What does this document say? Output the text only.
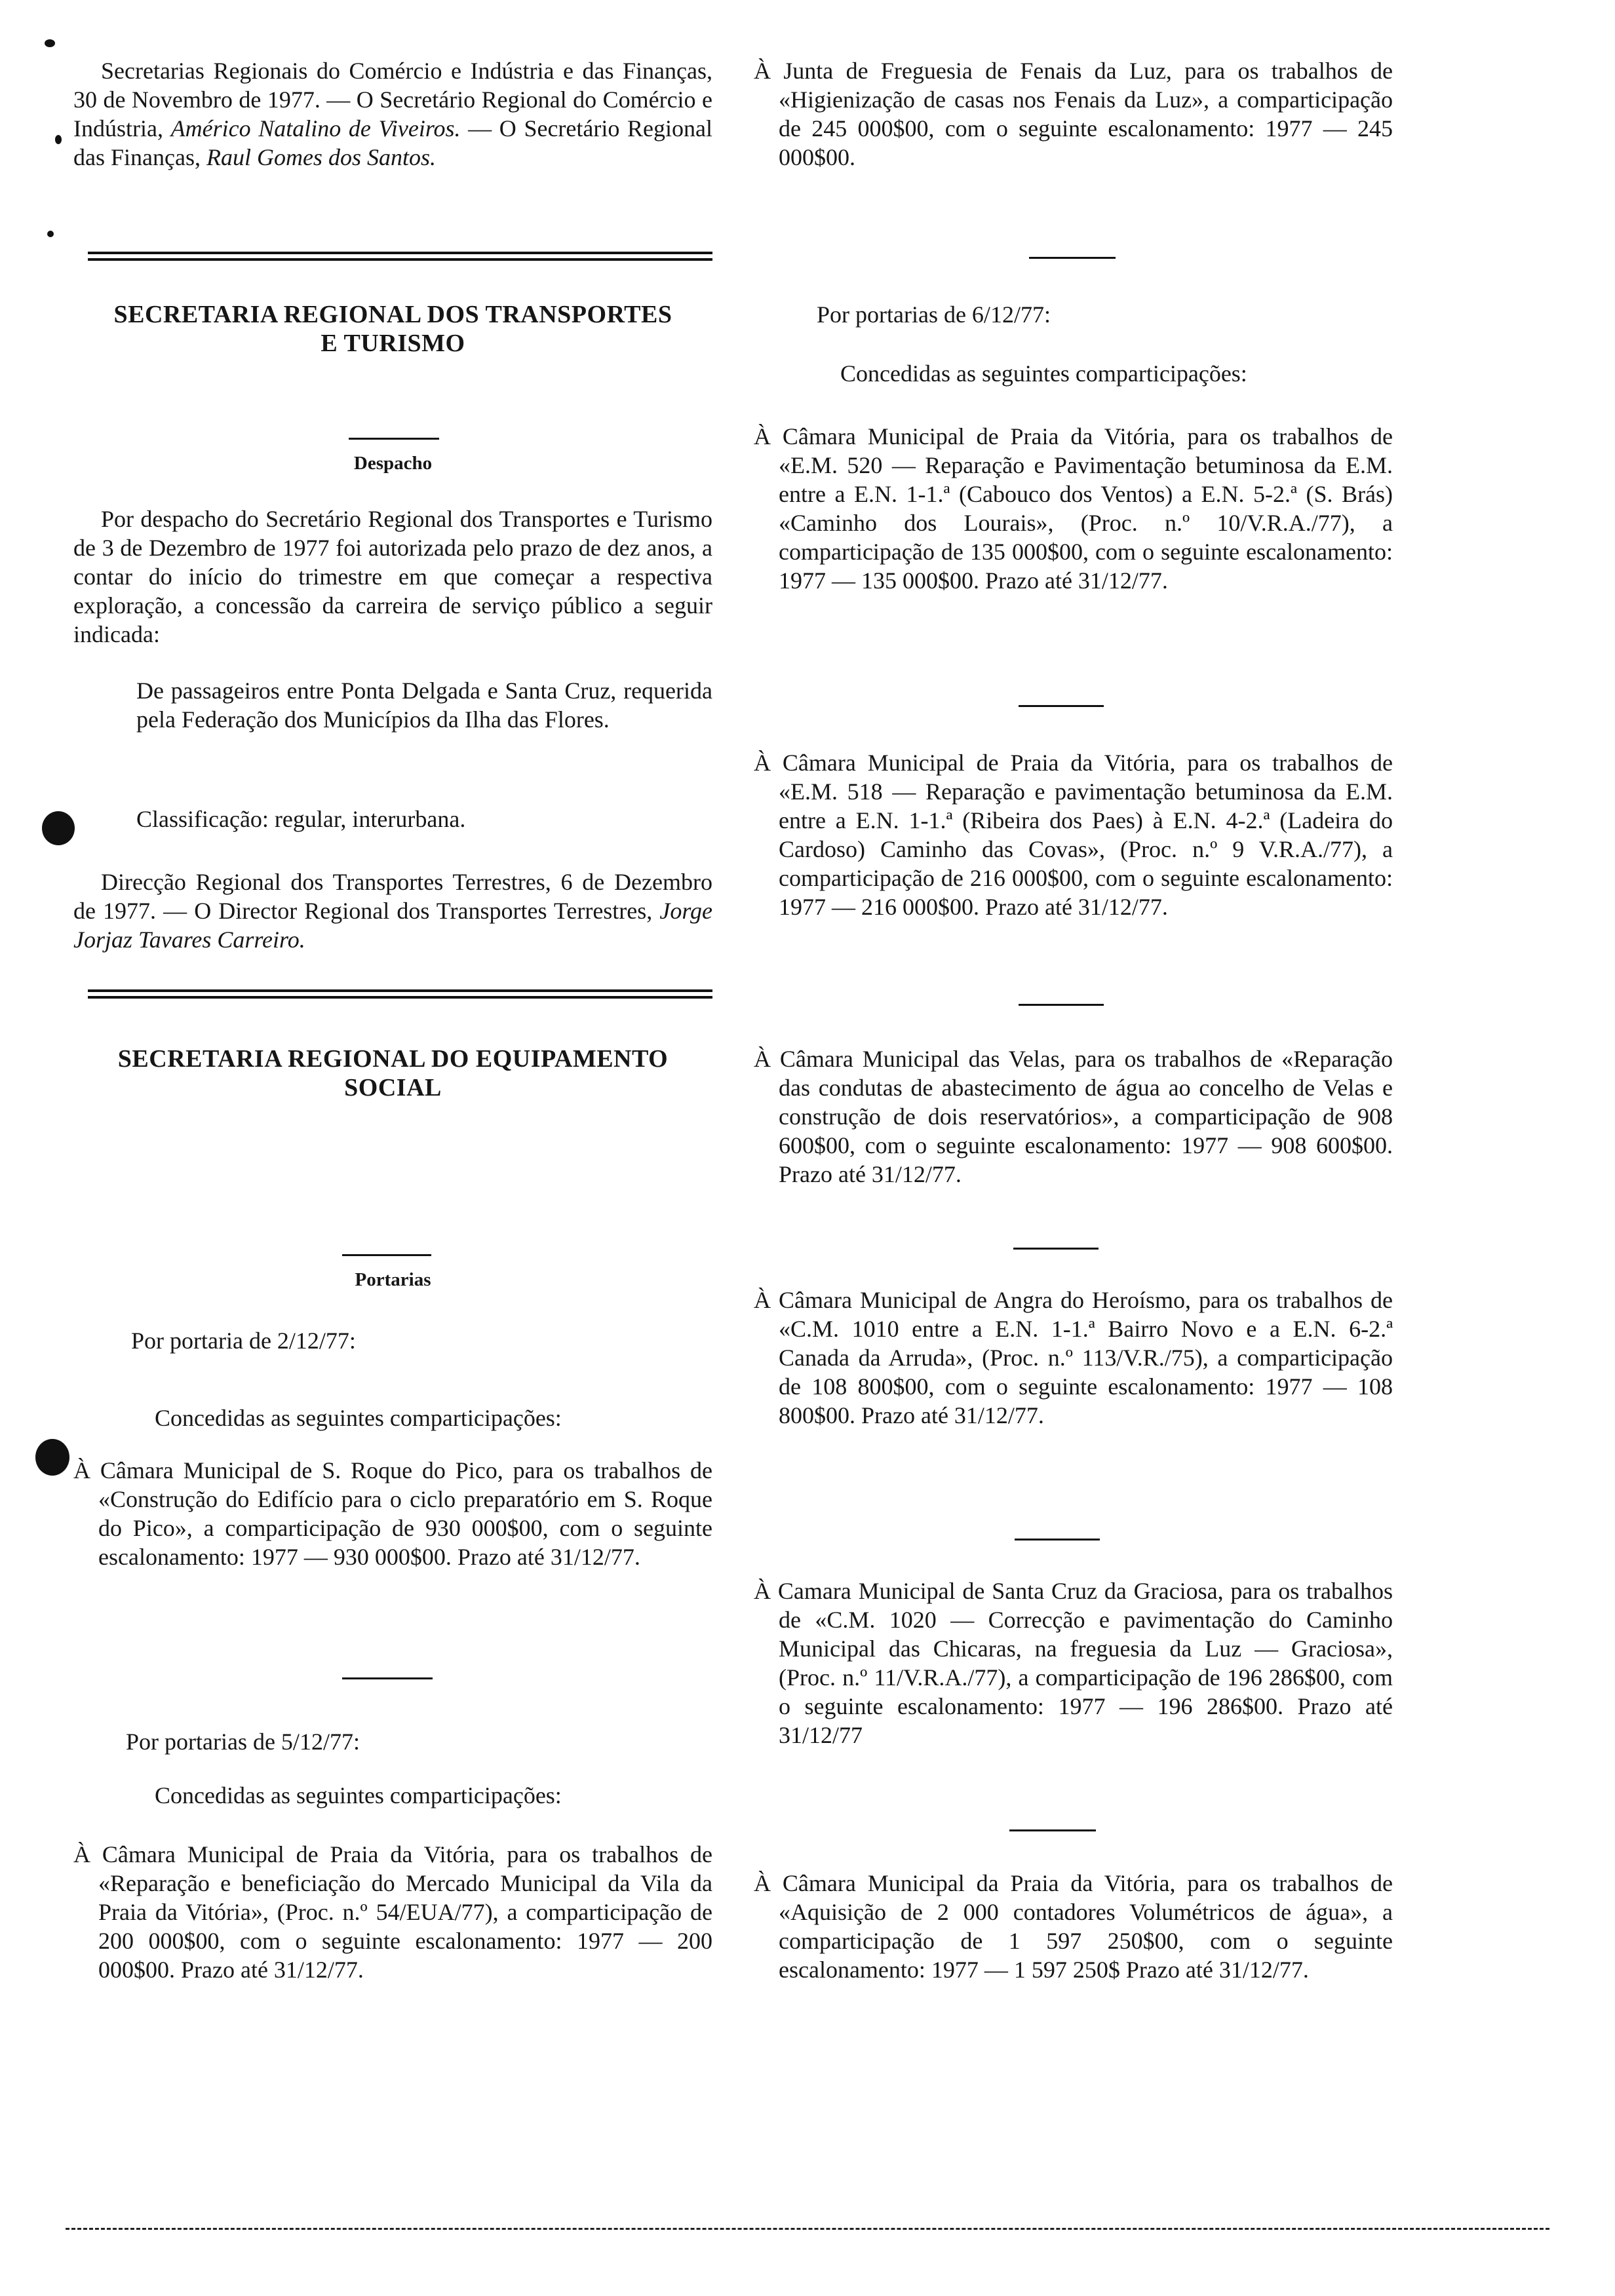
Secretarias Regionais do Comércio e Indústria e das Finanças, 30 de Novembro de 1977. — O Secretário Regional do Comércio e Indústria, Américo Natalino de Viveiros. — O Secretário Regional das Finanças, Raul Gomes dos Santos.

SECRETARIA REGIONAL DOS TRANSPORTES

E TURISMO

Despacho

Por despacho do Secretário Regional dos Transportes e Turismo de 3 de Dezembro de 1977 foi autorizada pelo prazo de dez anos, a contar do início do trimestre em que começar a respectiva exploração, a concessão da carreira de serviço público a seguir indicada:

De passageiros entre Ponta Delgada e Santa Cruz, requerida pela Federação dos Municípios da Ilha das Flores.

Classificação: regular, interurbana.

Direcção Regional dos Transportes Terrestres, 6 de Dezembro de 1977. — O Director Regional dos Transportes Terrestres, Jorge Jorjaz Tavares Carreiro.

SECRETARIA REGIONAL DO EQUIPAMENTO

SOCIAL

Portarias

Por portaria de 2/12/77:

Concedidas as seguintes comparticipações:

À Câmara Municipal de S. Roque do Pico, para os trabalhos de «Construção do Edifício para o ciclo preparatório em S. Roque do Pico», a comparticipação de 930 000$00, com o seguinte escalonamento: 1977 — 930 000$00. Prazo até 31/12/77.

Por portarias de 5/12/77:

Concedidas as seguintes comparticipações:

À Câmara Municipal de Praia da Vitória, para os trabalhos de «Reparação e beneficiação do Mercado Municipal da Vila da Praia da Vitória», (Proc. n.º 54/EUA/77), a comparticipação de 200 000$00, com o seguinte escalonamento: 1977 — 200 000$00. Prazo até 31/12/77.

À Junta de Freguesia de Fenais da Luz, para os trabalhos de «Higienização de casas nos Fenais da Luz», a comparticipação de 245 000$00, com o seguinte escalonamento: 1977 — 245 000$00.

Por portarias de 6/12/77:

Concedidas as seguintes comparticipações:

À Câmara Municipal de Praia da Vitória, para os trabalhos de «E.M. 520 — Reparação e Pavimentação betuminosa da E.M. entre a E.N. 1-1.ª (Cabouco dos Ventos) a E.N. 5-2.ª (S. Brás) «Caminho dos Lourais», (Proc. n.º 10/V.R.A./77), a comparticipação de 135 000$00, com o seguinte escalonamento: 1977 — 135 000$00. Prazo até 31/12/77.

À Câmara Municipal de Praia da Vitória, para os trabalhos de «E.M. 518 — Reparação e pavimentação betuminosa da E.M. entre a E.N. 1-1.ª (Ribeira dos Paes) à E.N. 4-2.ª (Ladeira do Cardoso) Caminho das Covas», (Proc. n.º 9 V.R.A./77), a comparticipação de 216 000$00, com o seguinte escalonamento: 1977 — 216 000$00. Prazo até 31/12/77.

À Câmara Municipal das Velas, para os trabalhos de «Reparação das condutas de abastecimento de água ao concelho de Velas e construção de dois reservatórios», a comparticipação de 908 600$00, com o seguinte escalonamento: 1977 — 908 600$00. Prazo até 31/12/77.

À Câmara Municipal de Angra do Heroísmo, para os trabalhos de «C.M. 1010 entre a E.N. 1-1.ª Bairro Novo e a E.N. 6-2.ª Canada da Arruda», (Proc. n.º 113/V.R./75), a comparticipação de 108 800$00, com o seguinte escalonamento: 1977 — 108 800$00. Prazo até 31/12/77.

À Camara Municipal de Santa Cruz da Graciosa, para os trabalhos de «C.M. 1020 — Correcção e pavimentação do Caminho Municipal das Chicaras, na freguesia da Luz — Graciosa», (Proc. n.º 11/V.R.A./77), a comparticipação de 196 286$00, com o seguinte escalonamento: 1977 — 196 286$00. Prazo até 31/12/77

À Câmara Municipal da Praia da Vitória, para os trabalhos de «Aquisição de 2 000 contadores Volumétricos de água», a comparticipação de 1 597 250$00, com o seguinte escalonamento: 1977 — 1 597 250$ Prazo até 31/12/77.
